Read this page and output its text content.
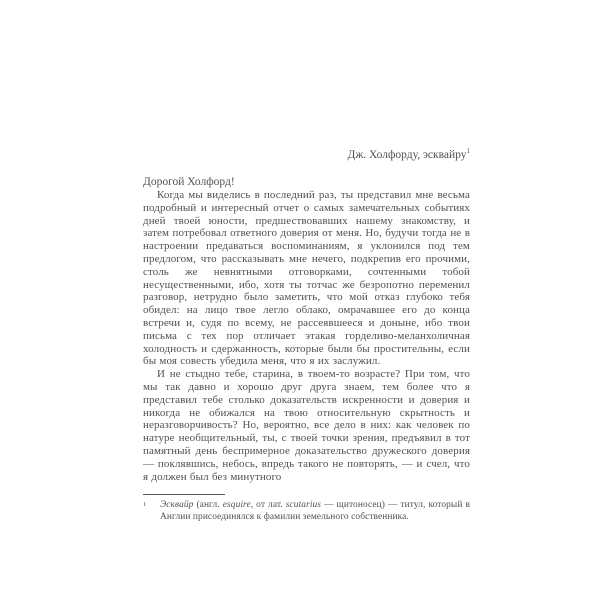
Дж. Холфорду, эсквайру$^1$
Дорогой Холфорд!

Когда мы виделись в последний раз, ты представил мне весьма подробный и интересный отчет о самых замечательных событиях дней твоей юности, предшествовавших нашему знакомству, и затем потребовал ответного доверия от меня. Но, будучи тогда не в настроении предаваться воспоминаниям, я уклонился под тем предлогом, что рассказывать мне нечего, подкрепив его прочими, столь же невнятными отговорками, сочтенными тобой несущественными, ибо, хотя ты тотчас же безропотно переменил разговор, нетрудно было заметить, что мой отказ глубоко тебя обидел: на лицо твое легло облако, омрачавшее его до конца встречи и, судя по всему, не рассеявшееся и доныне, ибо твои письма с тех пор отличает этакая горделиво-меланхоличная холодность и сдержанность, которые были бы простительны, если бы моя совесть убедила меня, что я их заслужил.

И не стыдно тебе, старина, в твоем-то возрасте? При том, что мы так давно и хорошо друг друга знаем, тем более что я представил тебе столько доказательств искренности и доверия и никогда не обижался на твою относительную скрытность и неразговорчивость? Но, вероятно, все дело в них: как человек по натуре необщительный, ты, с твоей точки зрения, предъявил в тот памятный день беспримерное доказательство дружеского доверия — поклявшись, небось, впредь такого не повторять, — и счел, что я должен был без минутного

1 Эсквайр (англ. esquire, от лат. scutarius — щитоносец) — титул, который в Англии присоединялся к фамилии земельного собственника.
